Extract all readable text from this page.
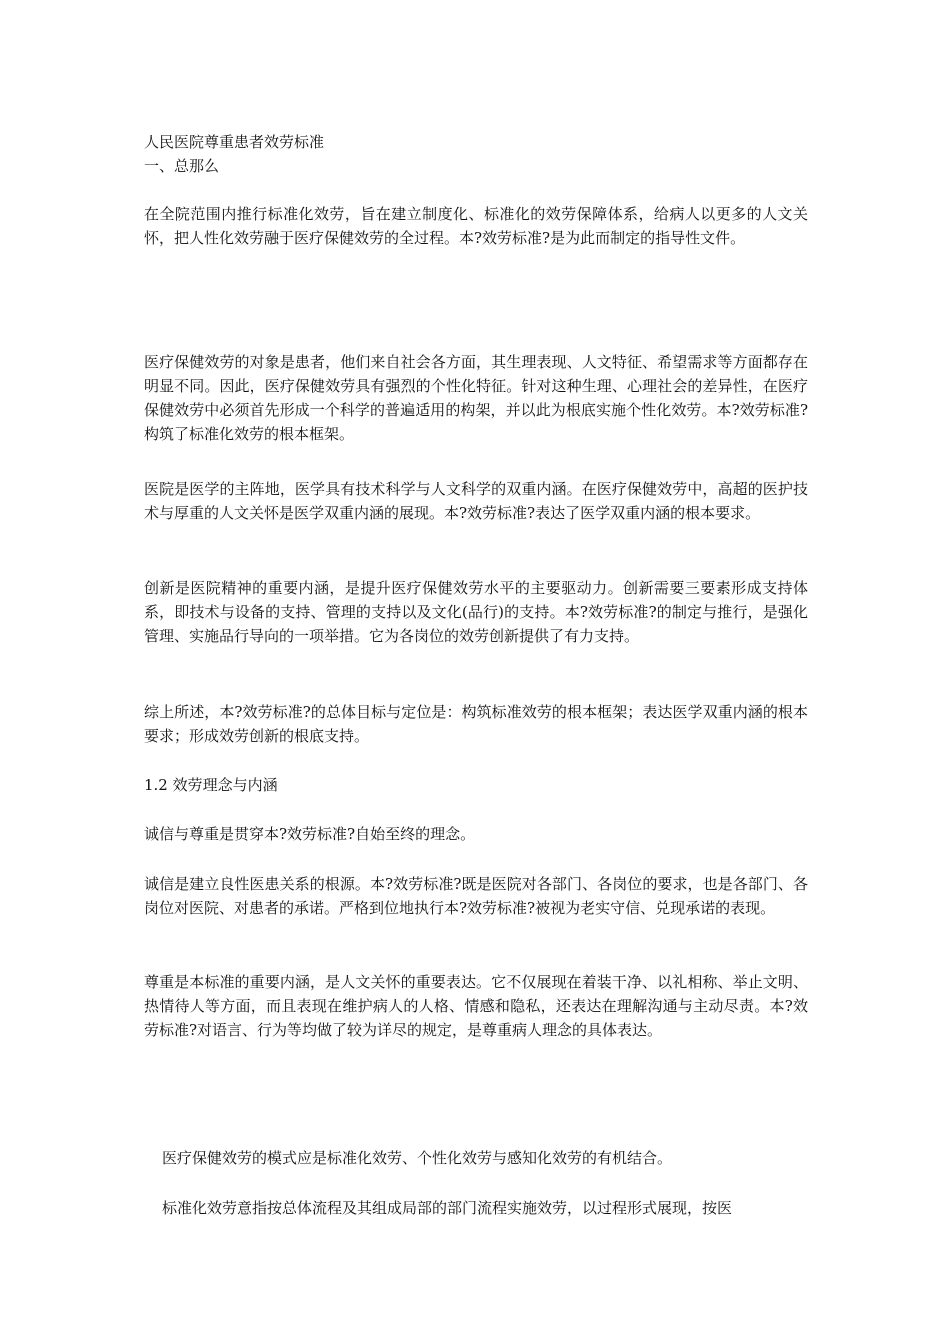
人民医院尊重患者效劳标准
一、总那么
在全院范围内推行标准化效劳，旨在建立制度化、标准化的效劳保障体系，给病人以更多的人文关怀，把人性化效劳融于医疗保健效劳的全过程。本?效劳标准?是为此而制定的指导性文件。
医疗保健效劳的对象是患者，他们来自社会各方面，其生理表现、人文特征、希望需求等方面都存在明显不同。因此，医疗保健效劳具有强烈的个性化特征。针对这种生理、心理社会的差异性，在医疗保健效劳中必须首先形成一个科学的普遍适用的构架，并以此为根底实施个性化效劳。本?效劳标准?构筑了标准化效劳的根本框架。
医院是医学的主阵地，医学具有技术科学与人文科学的双重内涵。在医疗保健效劳中，高超的医护技术与厚重的人文关怀是医学双重内涵的展现。本?效劳标准?表达了医学双重内涵的根本要求。
创新是医院精神的重要内涵，是提升医疗保健效劳水平的主要驱动力。创新需要三要素形成支持体系，即技术与设备的支持、管理的支持以及文化(品行)的支持。本?效劳标准?的制定与推行，是强化管理、实施品行导向的一项举措。它为各岗位的效劳创新提供了有力支持。
综上所述，本?效劳标准?的总体目标与定位是：构筑标准效劳的根本框架；表达医学双重内涵的根本要求；形成效劳创新的根底支持。
1.2 效劳理念与内涵
诚信与尊重是贯穿本?效劳标准?自始至终的理念。
诚信是建立良性医患关系的根源。本?效劳标准?既是医院对各部门、各岗位的要求，也是各部门、各岗位对医院、对患者的承诺。严格到位地执行本?效劳标准?被视为老实守信、兑现承诺的表现。
尊重是本标准的重要内涵，是人文关怀的重要表达。它不仅展现在着装干净、以礼相称、举止文明、热情待人等方面，而且表现在维护病人的人格、情感和隐私，还表达在理解沟通与主动尽责。本?效劳标准?对语言、行为等均做了较为详尽的规定，是尊重病人理念的具体表达。
医疗保健效劳的模式应是标准化效劳、个性化效劳与感知化效劳的有机结合。
标准化效劳意指按总体流程及其组成局部的部门流程实施效劳，以过程形式展现，按医
